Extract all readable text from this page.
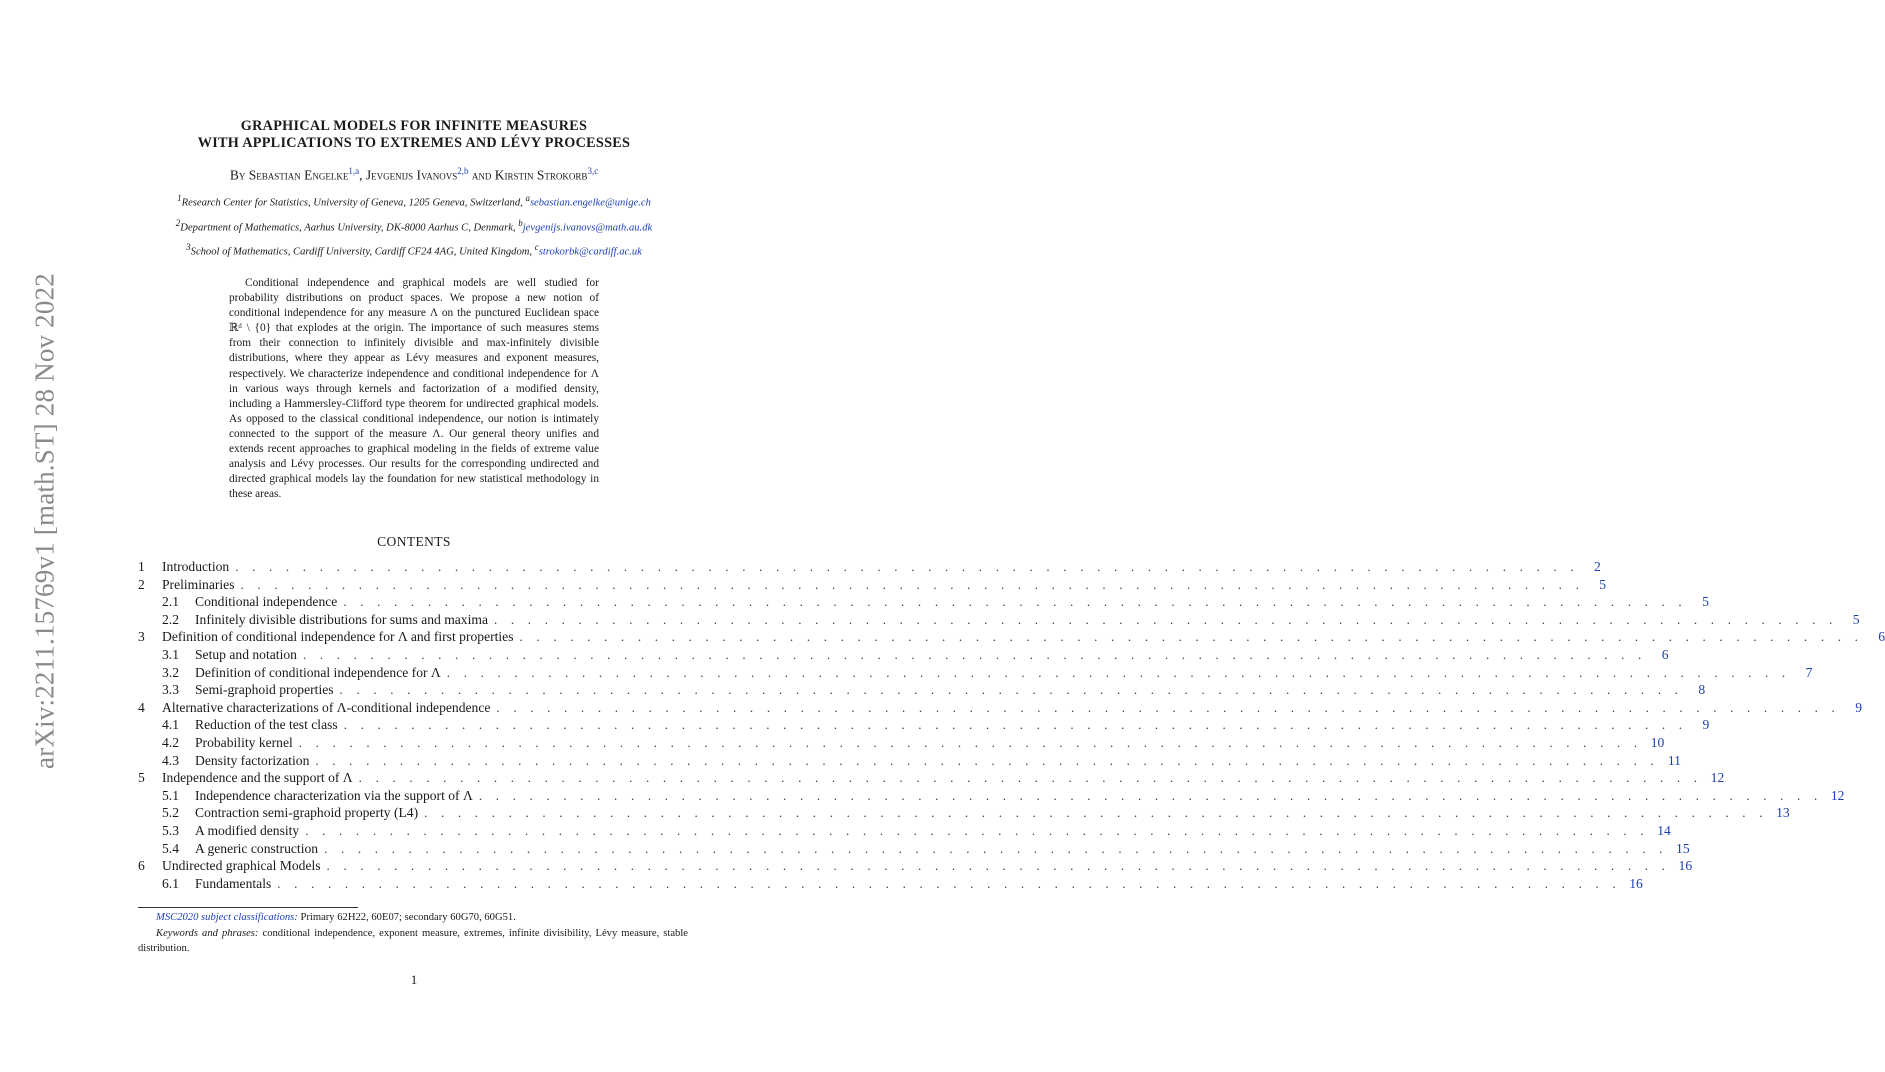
arXiv:2211.15769v1 [math.ST] 28 Nov 2022
GRAPHICAL MODELS FOR INFINITE MEASURES
WITH APPLICATIONS TO EXTREMES AND LÉVY PROCESSES
By Sebastian Engelke$^{1,a}$, Jevgenijs Ivanovs$^{2,b}$ and Kirstin Strokorb$^{3,c}$
$^1$Research Center for Statistics, University of Geneva, 1205 Geneva, Switzerland, $^a$sebastian.engelke@unige.ch
$^2$Department of Mathematics, Aarhus University, DK-8000 Aarhus C, Denmark, $^b$jevgenijs.ivanovs@math.au.dk
$^3$School of Mathematics, Cardiff University, Cardiff CF24 4AG, United Kingdom, $^c$strokorbk@cardiff.ac.uk
Conditional independence and graphical models are well studied for probability distributions on product spaces. We propose a new notion of conditional independence for any measure Λ on the punctured Euclidean space ℝᵈ \ {0} that explodes at the origin. The importance of such measures stems from their connection to infinitely divisible and max-infinitely divisible distributions, where they appear as Lévy measures and exponent measures, respectively. We characterize independence and conditional independence for Λ in various ways through kernels and factorization of a modified density, including a Hammersley-Clifford type theorem for undirected graphical models. As opposed to the classical conditional independence, our notion is intimately connected to the support of the measure Λ. Our general theory unifies and extends recent approaches to graphical modeling in the fields of extreme value analysis and Lévy processes. Our results for the corresponding undirected and directed graphical models lay the foundation for new statistical methodology in these areas.
CONTENTS
1	Introduction . . . . . . . . . . . . . . . . . . . . . . . . . . . . . . . . . . . . . . . . . . . . . . . . . . . . . . . . . . . . . . . . . . . . . . . . . . . . . . . .	2
2	Preliminaries . . . . . . . . . . . . . . . . . . . . . . . . . . . . . . . . . . . . . . . . . . . . . . . . . . . . . . . . . . . . . . . . . . . . . . . . . . . . . . . .	5
2.1	Conditional independence . . . . . . . . . . . . . . . . . . . . . . . . . . . . . . . . . . . . . . . . . . . . . . . . . . . . . . . . . . . . . . . . . . . . . . . . . . . . . . . .	5
2.2	Infinitely divisible distributions for sums and maxima . . . . . . . . . . . . . . . . . . . . . . . . . . . . . . . . . . . . . . . . . . . . . . . . . . . . . . . . . . . . . . . . . . . . . . . . . . . . . . . .	5
3	Definition of conditional independence for Λ and first properties . . . . . . . . . . . . . . . . . . . . . . . . . . . . . . . . . . . . . . . . . . . . . . . . . . . . . . . . . . . . . . . . . . . . . . . . . . . . . . . .	6
3.1	Setup and notation . . . . . . . . . . . . . . . . . . . . . . . . . . . . . . . . . . . . . . . . . . . . . . . . . . . . . . . . . . . . . . . . . . . . . . . . . . . . . . . .	6
3.2	Definition of conditional independence for Λ . . . . . . . . . . . . . . . . . . . . . . . . . . . . . . . . . . . . . . . . . . . . . . . . . . . . . . . . . . . . . . . . . . . . . . . . . . . . . . . .	7
3.3	Semi-graphoid properties . . . . . . . . . . . . . . . . . . . . . . . . . . . . . . . . . . . . . . . . . . . . . . . . . . . . . . . . . . . . . . . . . . . . . . . . . . . . . . . .	8
4	Alternative characterizations of Λ-conditional independence . . . . . . . . . . . . . . . . . . . . . . . . . . . . . . . . . . . . . . . . . . . . . . . . . . . . . . . . . . . . . . . . . . . . . . . . . . . . . . . .	9
4.1	Reduction of the test class . . . . . . . . . . . . . . . . . . . . . . . . . . . . . . . . . . . . . . . . . . . . . . . . . . . . . . . . . . . . . . . . . . . . . . . . . . . . . . . .	9
4.2	Probability kernel . . . . . . . . . . . . . . . . . . . . . . . . . . . . . . . . . . . . . . . . . . . . . . . . . . . . . . . . . . . . . . . . . . . . . . . . . . . . . . . . 10
4.3	Density factorization . . . . . . . . . . . . . . . . . . . . . . . . . . . . . . . . . . . . . . . . . . . . . . . . . . . . . . . . . . . . . . . . . . . . . . . . . . . . . . . . 11
5	Independence and the support of Λ . . . . . . . . . . . . . . . . . . . . . . . . . . . . . . . . . . . . . . . . . . . . . . . . . . . . . . . . . . . . . . . . . . . . . . . . . . . . . . . . 12
5.1	Independence characterization via the support of Λ . . . . . . . . . . . . . . . . . . . . . . . . . . . . . . . . . . . . . . . . . . . . . . . . . . . . . . . . . . . . . . . . . . . . . . . . . . . . . . . . 12
5.2	Contraction semi-graphoid property (L4) . . . . . . . . . . . . . . . . . . . . . . . . . . . . . . . . . . . . . . . . . . . . . . . . . . . . . . . . . . . . . . . . . . . . . . . . . . . . . . . . 13
5.3	A modified density . . . . . . . . . . . . . . . . . . . . . . . . . . . . . . . . . . . . . . . . . . . . . . . . . . . . . . . . . . . . . . . . . . . . . . . . . . . . . . . . 14
5.4	A generic construction . . . . . . . . . . . . . . . . . . . . . . . . . . . . . . . . . . . . . . . . . . . . . . . . . . . . . . . . . . . . . . . . . . . . . . . . . . . . . . . . 15
6	Undirected graphical Models . . . . . . . . . . . . . . . . . . . . . . . . . . . . . . . . . . . . . . . . . . . . . . . . . . . . . . . . . . . . . . . . . . . . . . . . . . . . . . . . 16
6.1	Fundamentals . . . . . . . . . . . . . . . . . . . . . . . . . . . . . . . . . . . . . . . . . . . . . . . . . . . . . . . . . . . . . . . . . . . . . . . . . . . . . . . . 16
MSC2020 subject classifications: Primary 62H22, 60E07; secondary 60G70, 60G51.
Keywords and phrases: conditional independence, exponent measure, extremes, infinite divisibility, Lévy measure, stable distribution.
1
